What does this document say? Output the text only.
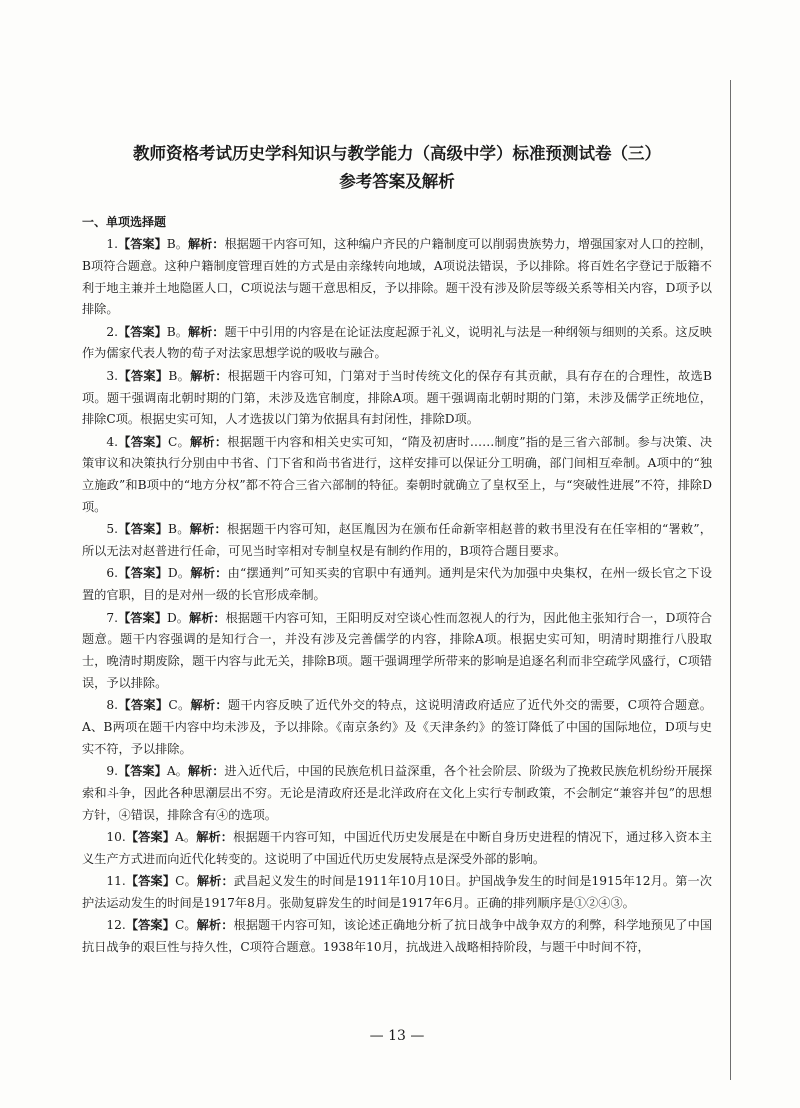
教师资格考试历史学科知识与教学能力（高级中学）标准预测试卷（三）
参考答案及解析
一、单项选择题

1.【答案】B。解析：根据题干内容可知，这种编户齐民的户籍制度可以削弱贵族势力，增强国家对人口的控制，B项符合题意。这种户籍制度管理百姓的方式是由亲缘转向地域，A项说法错误，予以排除。将百姓名字登记于版籍不利于地主兼并土地隐匿人口，C项说法与题干意思相反，予以排除。题干没有涉及阶层等级关系等相关内容，D项予以排除。

2.【答案】B。解析：题干中引用的内容是在论证法度起源于礼义，说明礼与法是一种纲领与细则的关系。这反映作为儒家代表人物的荀子对法家思想学说的吸收与融合。

3.【答案】B。解析：根据题干内容可知，门第对于当时传统文化的保存有其贡献，具有存在的合理性，故选B项。题干强调南北朝时期的门第，未涉及选官制度，排除A项。题干强调南北朝时期的门第，未涉及儒学正统地位，排除C项。根据史实可知，人才选拔以门第为依据具有封闭性，排除D项。

4.【答案】C。解析：根据题干内容和相关史实可知，“隋及初唐时……制度”指的是三省六部制。参与决策、决策审议和决策执行分别由中书省、门下省和尚书省进行，这样安排可以保证分工明确，部门间相互牵制。A项中的“独立施政”和B项中的“地方分权”都不符合三省六部制的特征。秦朝时就确立了皇权至上，与“突破性进展”不符，排除D项。

5.【答案】B。解析：根据题干内容可知，赵匡胤因为在颁布任命新宰相赵普的敕书里没有在任宰相的“署敕”，所以无法对赵普进行任命，可见当时宰相对专制皇权是有制约作用的，B项符合题目要求。

6.【答案】D。解析：由“摆通判”可知买卖的官职中有通判。通判是宋代为加强中央集权，在州一级长官之下设置的官职，目的是对州一级的长官形成牵制。

7.【答案】D。解析：根据题干内容可知，王阳明反对空谈心性而忽视人的行为，因此他主张知行合一，D项符合题意。题干内容强调的是知行合一，并没有涉及完善儒学的内容，排除A项。根据史实可知，明清时期推行八股取士，晚清时期废除，题干内容与此无关，排除B项。题干强调理学所带来的影响是追逐名利而非空疏学风盛行，C项错误，予以排除。

8.【答案】C。解析：题干内容反映了近代外交的特点，这说明清政府适应了近代外交的需要，C项符合题意。A、B两项在题干内容中均未涉及，予以排除。《南京条约》及《天津条约》的签订降低了中国的国际地位，D项与史实不符，予以排除。

9.【答案】A。解析：进入近代后，中国的民族危机日益深重，各个社会阶层、阶级为了挽救民族危机纷纷开展探索和斗争，因此各种思潮层出不穷。无论是清政府还是北洋政府在文化上实行专制政策，不会制定“兼容并包”的思想方针，④错误，排除含有④的选项。

10.【答案】A。解析：根据题干内容可知，中国近代历史发展是在中断自身历史进程的情况下，通过移入资本主义生产方式进而向近代化转变的。这说明了中国近代历史发展特点是深受外部的影响。

11.【答案】C。解析：武昌起义发生的时间是1911年10月10日。护国战争发生的时间是1915年12月。第一次护法运动发生的时间是1917年8月。张勋复辟发生的时间是1917年6月。正确的排列顺序是①②④③。

12.【答案】C。解析：根据题干内容可知，该论述正确地分析了抗日战争中战争双方的利弊，科学地预见了中国抗日战争的艰巨性与持久性，C项符合题意。1938年10月，抗战进入战略相持阶段，与题干中时间不符，

— 13 —
